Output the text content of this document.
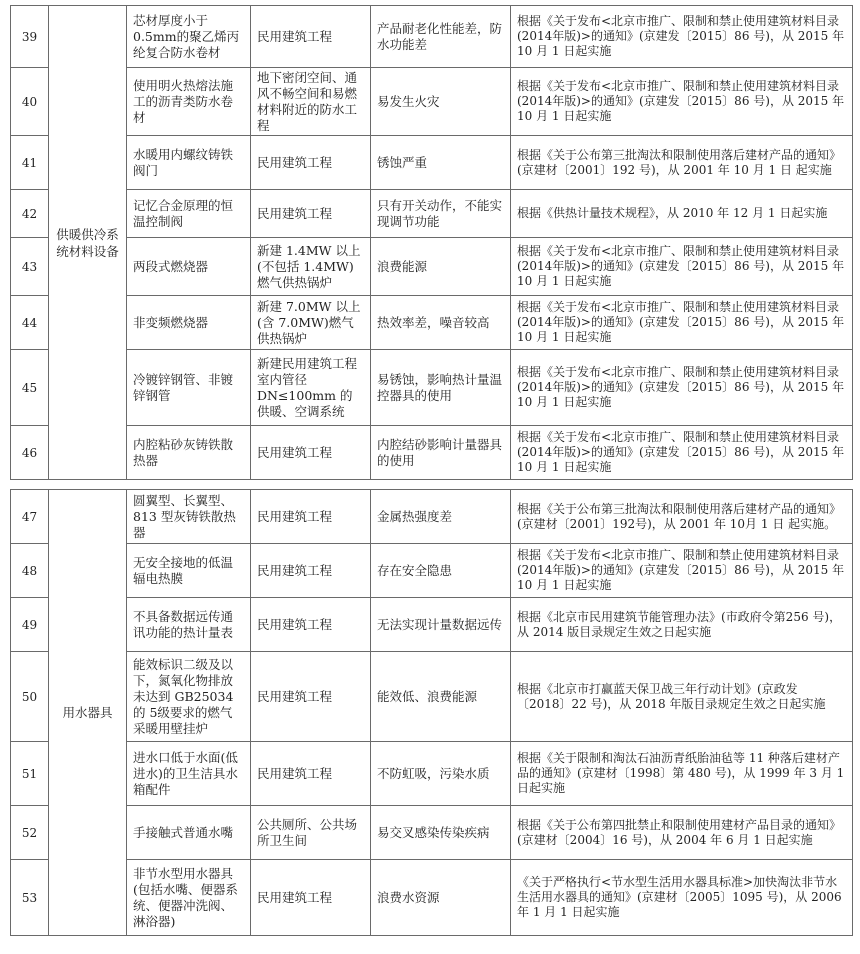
39	供暖供冷系统材料设备	芯材厚度小于0.5mm的聚乙烯丙纶复合防水卷材	民用建筑工程	产品耐老化性能差，防水功能差	根据《关于发布<北京市推广、限制和禁止使用建筑材料目录(2014年版)>的通知》(京建发〔2015〕86 号)，从 2015 年 10 月 1 日起实施
40		使用明火热熔法施工的沥青类防水卷材	地下密闭空间、通风不畅空间和易燃材料附近的防水工程	易发生火灾	根据《关于发布<北京市推广、限制和禁止使用建筑材料目录(2014年版)>的通知》(京建发〔2015〕86 号)，从 2015 年 10 月 1 日起实施
41		水暖用内螺纹铸铁阀门	民用建筑工程	锈蚀严重	根据《关于公布第三批淘汰和限制使用落后建材产品的通知》(京建材〔2001〕192 号)，从 2001 年 10 月 1 日 起实施
42		记忆合金原理的恒温控制阀	民用建筑工程	只有开关动作，不能实现调节功能	根据《供热计量技术规程》，从 2010 年 12 月 1 日起实施
43		两段式燃烧器	新建 1.4MW 以上(不包括 1.4MW)燃气供热锅炉	浪费能源	根据《关于发布<北京市推广、限制和禁止使用建筑材料目录(2014年版)>的通知》(京建发〔2015〕86 号)，从 2015 年 10 月 1 日起实施
44		非变频燃烧器	新建 7.0MW 以上(含 7.0MW)燃气供热锅炉	热效率差，噪音较高	根据《关于发布<北京市推广、限制和禁止使用建筑材料目录(2014年版)>的通知》(京建发〔2015〕86 号)，从 2015 年 10 月 1 日起实施
45		冷镀锌钢管、非镀锌钢管	新建民用建筑工程室内管径DN≤100mm 的供暖、空调系统	易锈蚀，影响热计量温控器具的使用	根据《关于发布<北京市推广、限制和禁止使用建筑材料目录(2014年版)>的通知》(京建发〔2015〕86 号)，从 2015 年 10 月 1 日起实施
46		内腔粘砂灰铸铁散热器	民用建筑工程	内腔结砂影响计量器具的使用	根据《关于发布<北京市推广、限制和禁止使用建筑材料目录(2014年版)>的通知》(京建发〔2015〕86 号)，从 2015 年 10 月 1 日起实施
47	用水器具	圆翼型、长翼型、813 型灰铸铁散热器	民用建筑工程	金属热强度差	根据《关于公布第三批淘汰和限制使用落后建材产品的通知》(京建材〔2001〕192号)，从 2001 年 10月 1 日 起实施。
48		无安全接地的低温辐电热膜	民用建筑工程	存在安全隐患	根据《关于发布<北京市推广、限制和禁止使用建筑材料目录(2014年版)>的通知》(京建发〔2015〕86 号)，从 2015 年 10 月 1 日起实施
49		不具备数据远传通讯功能的热计量表	民用建筑工程	无法实现计量数据远传	根据《北京市民用建筑节能管理办法》(市政府令第256 号)，从 2014 版目录规定生效之日起实施
50		能效标识二级及以下，氮氧化物排放未达到 GB25034的 5级要求的燃气采暖用壁挂炉	民用建筑工程	能效低、浪费能源	根据《北京市打赢蓝天保卫战三年行动计划》(京政发〔2018〕22 号)，从 2018 年版目录规定生效之日起实施
51		进水口低于水面(低进水)的卫生洁具水箱配件	民用建筑工程	不防虹吸，污染水质	根据《关于限制和淘汰石油沥青纸胎油毡等 11 种落后建材产品的通知》(京建材〔1998〕第 480 号)，从 1999 年 3 月 1 日起实施
52		手接触式普通水嘴	公共厕所、公共场所卫生间	易交叉感染传染疾病	根据《关于公布第四批禁止和限制使用建材产品目录的通知》(京建材〔2004〕16 号)，从 2004 年 6 月 1 日起实施
53		非节水型用水器具(包括水嘴、便器系统、便器冲洗阀、淋浴器)	民用建筑工程	浪费水资源	《关于严格执行<节水型生活用水器具标准>加快淘汰非节水生活用水器具的通知》(京建材〔2005〕1095 号)，从 2006 年 1 月 1 日起实施
